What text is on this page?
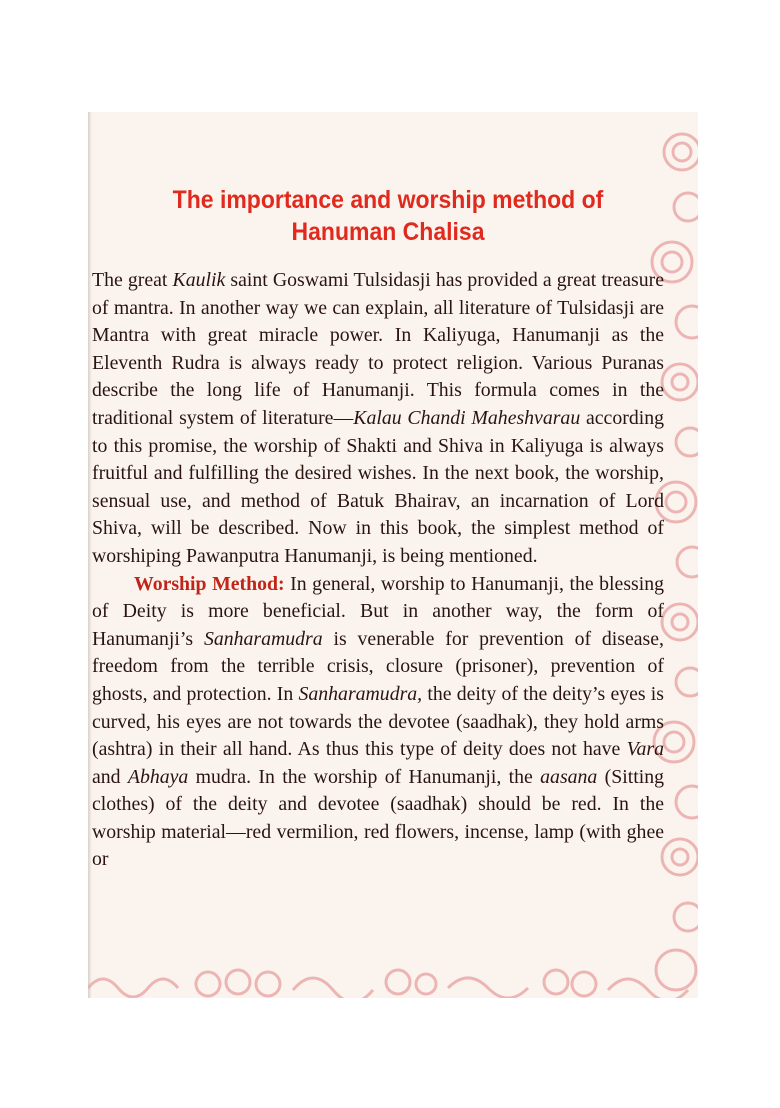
The importance and worship method of
Hanuman Chalisa

The great Kaulik saint Goswami Tulsidasji has provided a great treasure of mantra. In another way we can explain, all literature of Tulsidasji are Mantra with great miracle power. In Kaliyuga, Hanumanji as the Eleventh Rudra is always ready to protect religion. Various Puranas describe the long life of Hanumanji. This formula comes in the traditional system of literature—Kalau Chandi Maheshvarau according to this promise, the worship of Shakti and Shiva in Kaliyuga is always fruitful and fulfilling the desired wishes. In the next book, the worship, sensual use, and method of Batuk Bhairav, an incarnation of Lord Shiva, will be described. Now in this book, the simplest method of worshiping Pawanputra Hanumanji, is being mentioned.

Worship Method: In general, worship to Hanumanji, the blessing of Deity is more beneficial. But in another way, the form of Hanumanji’s Sanharamudra is venerable for prevention of disease, freedom from the terrible crisis, closure (prisoner), prevention of ghosts, and protection. In Sanharamudra, the deity of the deity’s eyes is curved, his eyes are not towards the devotee (saadhak), they hold arms (ashtra) in their all hand. As thus this type of deity does not have Vara and Abhaya mudra. In the worship of Hanumanji, the aasana (Sitting clothes) of the deity and devotee (saadhak) should be red. In the worship material—red vermilion, red flowers, incense, lamp (with ghee or
